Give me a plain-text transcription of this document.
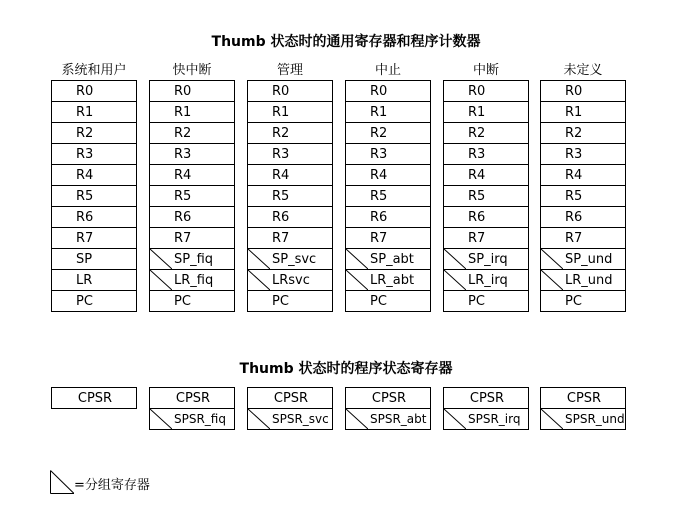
Thumb 状态时的通用寄存器和程序计数器
系统和用户
R0
R1
R2
R3
R4
R5
R6
R7
SP
LR
PC
快中断
R0
R1
R2
R3
R4
R5
R6
R7
SP_fiq
LR_fiq
PC
管理
R0
R1
R2
R3
R4
R5
R6
R7
SP_svc
LRsvc
PC
中止
R0
R1
R2
R3
R4
R5
R6
R7
SP_abt
LR_abt
PC
中断
R0
R1
R2
R3
R4
R5
R6
R7
SP_irq
LR_irq
PC
未定义
R0
R1
R2
R3
R4
R5
R6
R7
SP_und
LR_und
PC
Thumb 状态时的程序状态寄存器
CPSR	CPSR
SPSR_fiq
CPSR
SPSR_svc
CPSR
SPSR_abt
CPSR
SPSR_irq
CPSR
SPSR_und
=分组寄存器
